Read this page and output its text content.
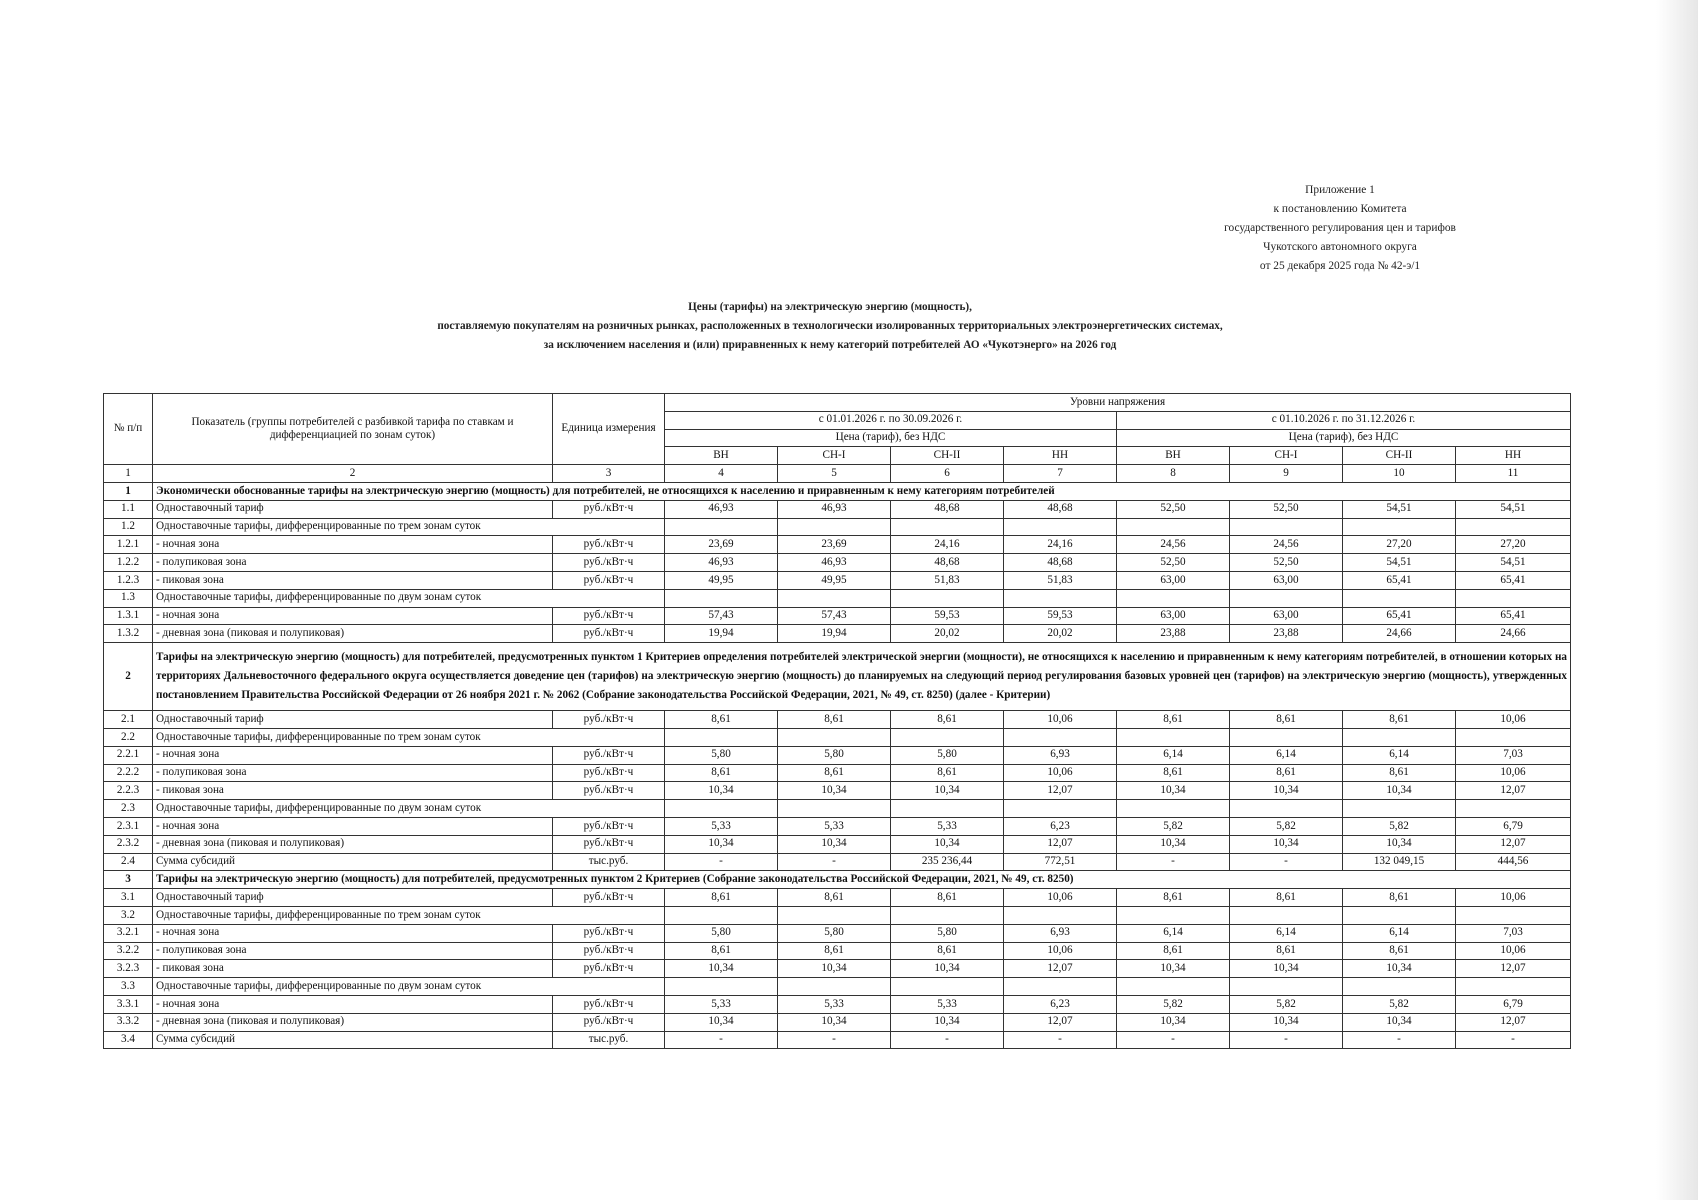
Приложение 1
к постановлению Комитета
государственного регулирования цен и тарифов
Чукотского автономного округа
от 25 декабря 2025 года № 42-э/1
Цены (тарифы) на электрическую энергию (мощность),
поставляемую покупателям на розничных рынках, расположенных в технологически изолированных территориальных электроэнергетических системах,
за исключением населения и (или) приравненных к нему категорий потребителей АО «Чукотэнерго» на 2026 год
№ п/п	Показатель (группы потребителей с разбивкой тарифа по ставкам и дифференциацией по зонам суток)	Единица измерения	Уровни напряжения							
			с 01.01.2026 г. по 30.09.2026 г.				с 01.10.2026 г. по 31.12.2026 г.			
			Цена (тариф), без НДС				Цена (тариф), без НДС			
			ВН	СН-I	СН-II	НН	ВН	СН-I	СН-II	НН
1	2	3	4	5	6	7	8	9	10	11
1	Экономически обоснованные тарифы на электрическую энергию (мощность) для потребителей, не относящихся к населению и приравненным к нему категориям потребителей									
1.1	Одноставочный тариф	руб./кВт·ч	46,93	46,93	48,68	48,68	52,50	52,50	54,51	54,51
1.2	Одноставочные тарифы, дифференцированные по трем зонам суток									
1.2.1	- ночная зона	руб./кВт·ч	23,69	23,69	24,16	24,16	24,56	24,56	27,20	27,20
1.2.2	- полупиковая зона	руб./кВт·ч	46,93	46,93	48,68	48,68	52,50	52,50	54,51	54,51
1.2.3	- пиковая зона	руб./кВт·ч	49,95	49,95	51,83	51,83	63,00	63,00	65,41	65,41
1.3	Одноставочные тарифы, дифференцированные по двум зонам суток									
1.3.1	- ночная зона	руб./кВт·ч	57,43	57,43	59,53	59,53	63,00	63,00	65,41	65,41
1.3.2	- дневная зона (пиковая и полупиковая)	руб./кВт·ч	19,94	19,94	20,02	20,02	23,88	23,88	24,66	24,66
2	Тарифы на электрическую энергию (мощность) для потребителей, предусмотренных пунктом 1 Критериев определения потребителей электрической энергии (мощности), не относящихся к населению и приравненным к нему категориям потребителей, в отношении которых на территориях Дальневосточного федерального округа осуществляется доведение цен (тарифов) на электрическую энергию (мощность) до планируемых на следующий период регулирования базовых уровней цен (тарифов) на электрическую энергию (мощность), утвержденных постановлением Правительства Российской Федерации от 26 ноября 2021 г. № 2062 (Собрание законодательства Российской Федерации, 2021, № 49, ст. 8250) (далее - Критерии)									
2.1	Одноставочный тариф	руб./кВт·ч	8,61	8,61	8,61	10,06	8,61	8,61	8,61	10,06
2.2	Одноставочные тарифы, дифференцированные по трем зонам суток									
2.2.1	- ночная зона	руб./кВт·ч	5,80	5,80	5,80	6,93	6,14	6,14	6,14	7,03
2.2.2	- полупиковая зона	руб./кВт·ч	8,61	8,61	8,61	10,06	8,61	8,61	8,61	10,06
2.2.3	- пиковая зона	руб./кВт·ч	10,34	10,34	10,34	12,07	10,34	10,34	10,34	12,07
2.3	Одноставочные тарифы, дифференцированные по двум зонам суток									
2.3.1	- ночная зона	руб./кВт·ч	5,33	5,33	5,33	6,23	5,82	5,82	5,82	6,79
2.3.2	- дневная зона (пиковая и полупиковая)	руб./кВт·ч	10,34	10,34	10,34	12,07	10,34	10,34	10,34	12,07
2.4	Сумма субсидий	тыс.руб.	-	-	235 236,44	772,51	-	-	132 049,15	444,56
3	Тарифы на электрическую энергию (мощность) для потребителей, предусмотренных пунктом 2 Критериев (Собрание законодательства Российской Федерации, 2021, № 49, ст. 8250)									
3.1	Одноставочный тариф	руб./кВт·ч	8,61	8,61	8,61	10,06	8,61	8,61	8,61	10,06
3.2	Одноставочные тарифы, дифференцированные по трем зонам суток									
3.2.1	- ночная зона	руб./кВт·ч	5,80	5,80	5,80	6,93	6,14	6,14	6,14	7,03
3.2.2	- полупиковая зона	руб./кВт·ч	8,61	8,61	8,61	10,06	8,61	8,61	8,61	10,06
3.2.3	- пиковая зона	руб./кВт·ч	10,34	10,34	10,34	12,07	10,34	10,34	10,34	12,07
3.3	Одноставочные тарифы, дифференцированные по двум зонам суток									
3.3.1	- ночная зона	руб./кВт·ч	5,33	5,33	5,33	6,23	5,82	5,82	5,82	6,79
3.3.2	- дневная зона (пиковая и полупиковая)	руб./кВт·ч	10,34	10,34	10,34	12,07	10,34	10,34	10,34	12,07
3.4	Сумма субсидий	тыс.руб.	-	-	-	-	-	-	-	-
